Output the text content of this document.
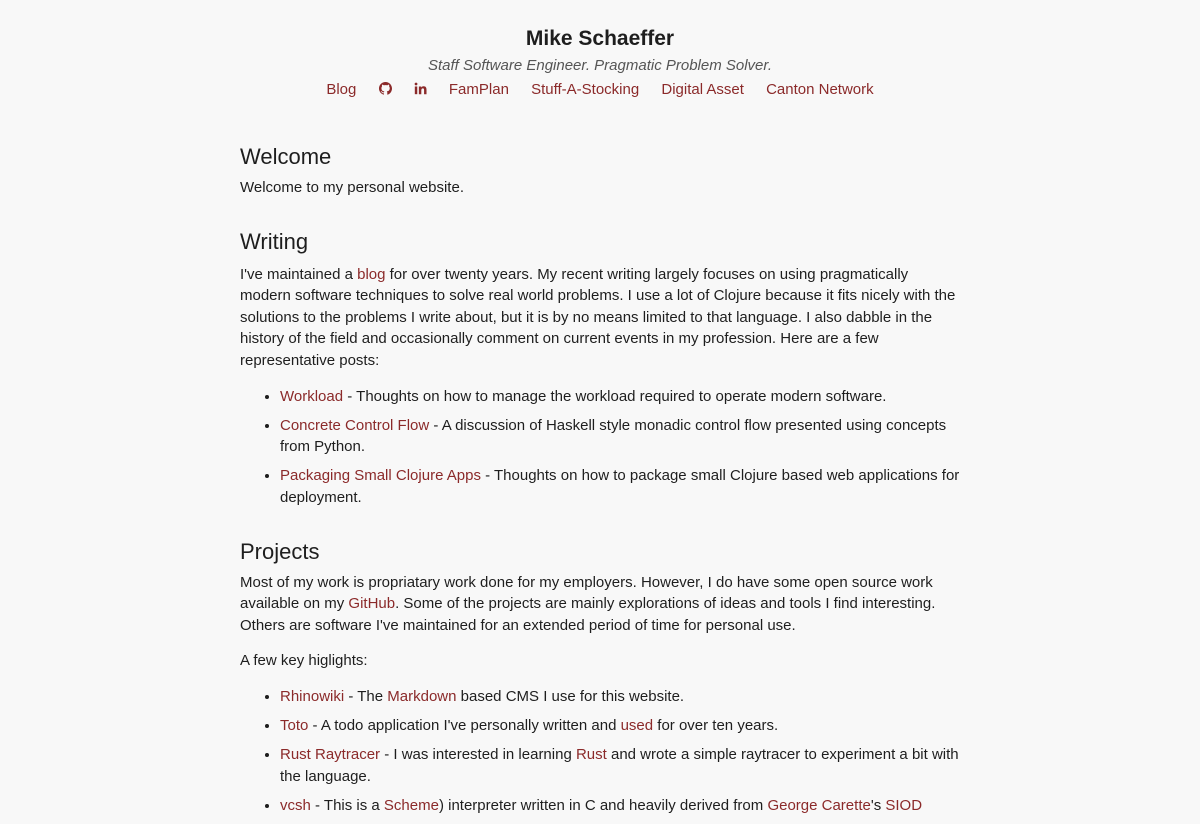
Mike Schaeffer

Staff Software Engineer. Pragmatic Problem Solver.

Blog	FamPlan Stuff-A-Stocking Digital Asset Canton Network
Welcome

Welcome to my personal website.

Writing

I've maintained a blog for over twenty years. My recent writing largely focuses on using pragmatically modern software techniques to solve real world problems. I use a lot of Clojure because it fits nicely with the solutions to the problems I write about, but it is by no means limited to that language. I also dabble in the history of the field and occasionally comment on current events in my profession. Here are a few representative posts:

• Workload - Thoughts on how to manage the workload required to operate modern software.
• Concrete Control Flow - A discussion of Haskell style monadic control flow presented using concepts from Python.
• Packaging Small Clojure Apps - Thoughts on how to package small Clojure based web applications for deployment.
Projects

Most of my work is propriatary work done for my employers. However, I do have some open source work available on my GitHub. Some of the projects are mainly explorations of ideas and tools I find interesting. Others are software I've maintained for an extended period of time for personal use.

A few key higlights:

• Rhinowiki - The Markdown based CMS I use for this website.
• Toto - A todo application I've personally written and used for over ten years.
• Rust Raytracer - I was interested in learning Rust and wrote a simple raytracer to experiment a bit with the language.
• vcsh - This is a Scheme) interpreter written in C and heavily derived from George Carette's SIOD
